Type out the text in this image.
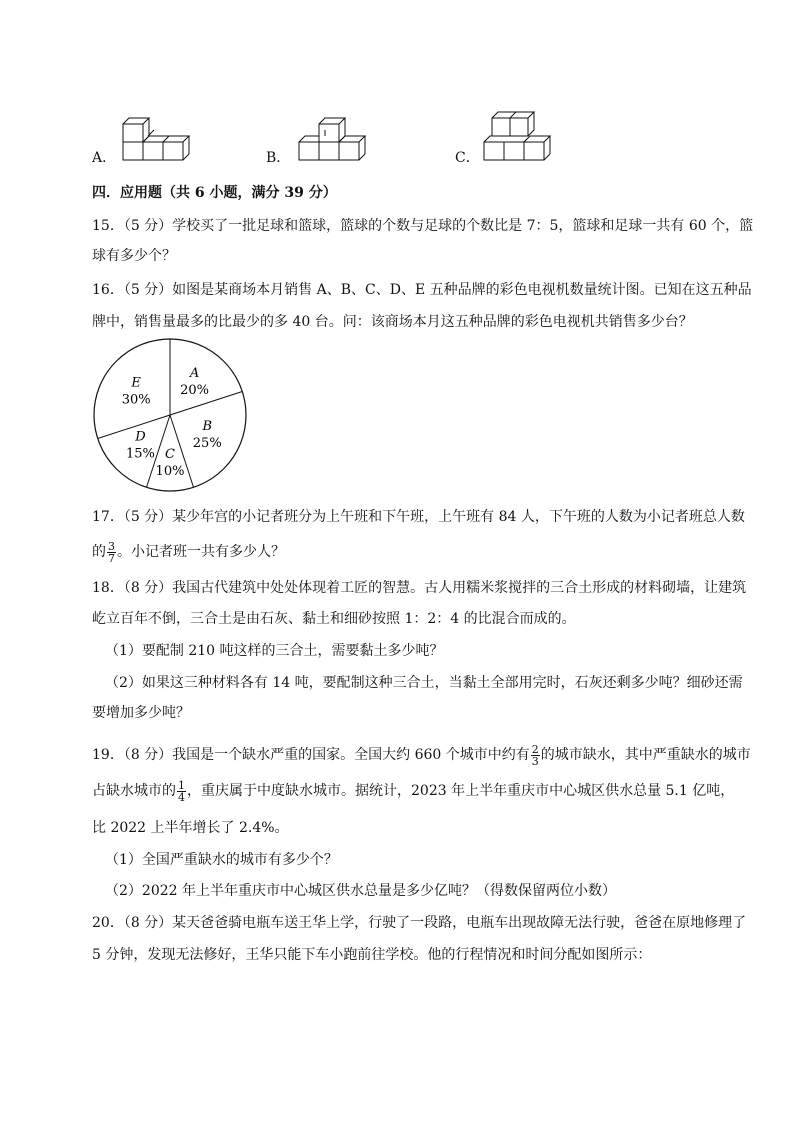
A．	B．	C．
四．应用题（共 6 小题，满分 39 分）
15．（5 分）学校买了一批足球和篮球，篮球的个数与足球的个数比是 7：5，篮球和足球一共有 60 个，篮
球有多少个？
16．（5 分）如图是某商场本月销售 A、B、C、D、E 五种品牌的彩色电视机数量统计图。已知在这五种品
牌中，销售量最多的比最少的多 40 台。问：该商场本月这五种品牌的彩色电视机共销售多少台？
A
20%
B
25%
C
10%
D
15%
E
30%
17．（5 分）某少年宫的小记者班分为上午班和下午班，上午班有 84 人，下午班的人数为小记者班总人数
的 $\frac{3}{7}$ 。小记者班一共有多少人？
18．（8 分）我国古代建筑中处处体现着工匠的智慧。古人用糯米浆搅拌的三合土形成的材料砌墙，让建筑
屹立百年不倒，三合土是由石灰、黏土和细砂按照 1：2：4 的比混合而成的。
（1）要配制 210 吨这样的三合土，需要黏土多少吨？
（2）如果这三种材料各有 14 吨，要配制这种三合土，当黏土全部用完时，石灰还剩多少吨？细砂还需
要增加多少吨？
19．（8 分）我国是一个缺水严重的国家。全国大约 660 个城市中约有 $\frac{2}{3}$ 的城市缺水，其中严重缺水的城市
占缺水城市的 $\frac{1}{4}$ ，重庆属于中度缺水城市。据统计，2023 年上半年重庆市中心城区供水总量 5.1 亿吨，
比 2022 上半年增长了 2.4%。
（1）全国严重缺水的城市有多少个？
（2）2022 年上半年重庆市中心城区供水总量是多少亿吨？（得数保留两位小数）
20．（8 分）某天爸爸骑电瓶车送王华上学，行驶了一段路，电瓶车出现故障无法行驶，爸爸在原地修理了
5 分钟，发现无法修好，王华只能下车小跑前往学校。他的行程情况和时间分配如图所示：
